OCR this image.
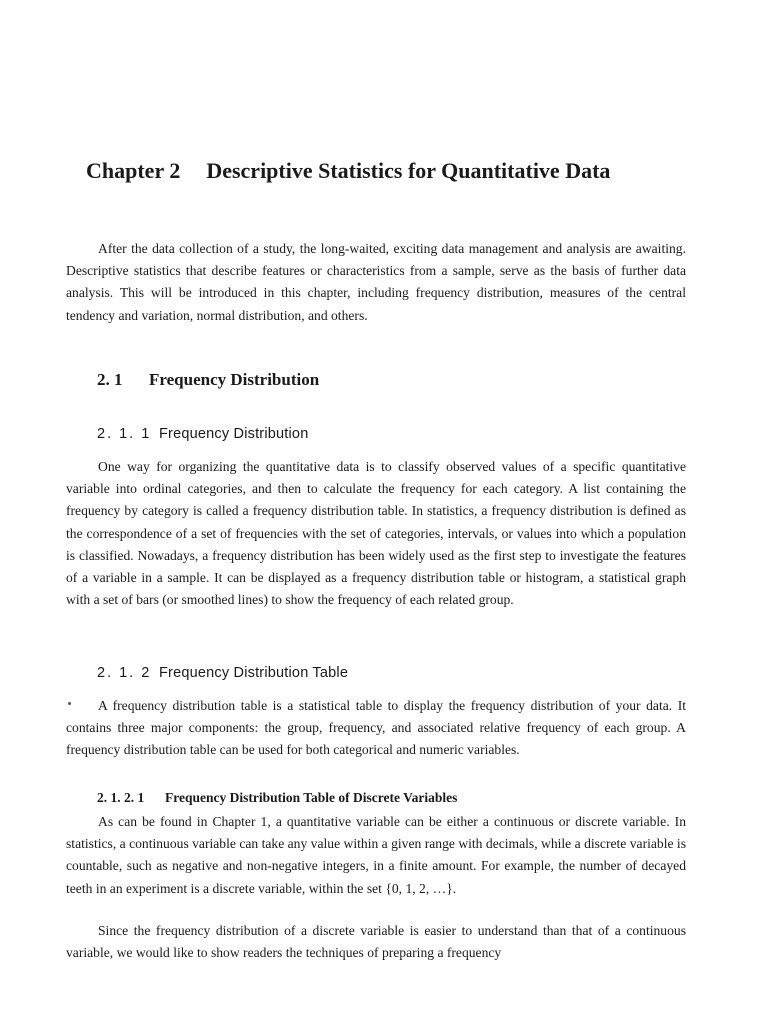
Chapter 2 Descriptive Statistics for Quantitative Data

After the data collection of a study, the long-waited, exciting data management and analysis are awaiting. Descriptive statistics that describe features or characteristics from a sample, serve as the basis of further data analysis. This will be introduced in this chapter, including frequency distribution, measures of the central tendency and variation, normal distribution, and others.

2. 1 Frequency Distribution
2. 1. 1 Frequency Distribution

One way for organizing the quantitative data is to classify observed values of a specific quantitative variable into ordinal categories, and then to calculate the frequency for each category. A list containing the frequency by category is called a frequency distribution table. In statistics, a frequency distribution is defined as the correspondence of a set of frequencies with the set of categories, intervals, or values into which a population is classified. Nowadays, a frequency distribution has been widely used as the first step to investigate the features of a variable in a sample. It can be displayed as a frequency distribution table or histogram, a statistical graph with a set of bars (or smoothed lines) to show the frequency of each related group.

2. 1. 2 Frequency Distribution Table

A frequency distribution table is a statistical table to display the frequency distribution of your data. It contains three major components: the group, frequency, and associated relative frequency of each group. A frequency distribution table can be used for both categorical and numeric variables.

2. 1. 2. 1 Frequency Distribution Table of Discrete Variables

As can be found in Chapter 1, a quantitative variable can be either a continuous or discrete variable. In statistics, a continuous variable can take any value within a given range with decimals, while a discrete variable is countable, such as negative and non-negative integers, in a finite amount. For example, the number of decayed teeth in an experiment is a discrete variable, within the set {0, 1, 2, …}.

Since the frequency distribution of a discrete variable is easier to understand than that of a continuous variable, we would like to show readers the techniques of preparing a frequency
